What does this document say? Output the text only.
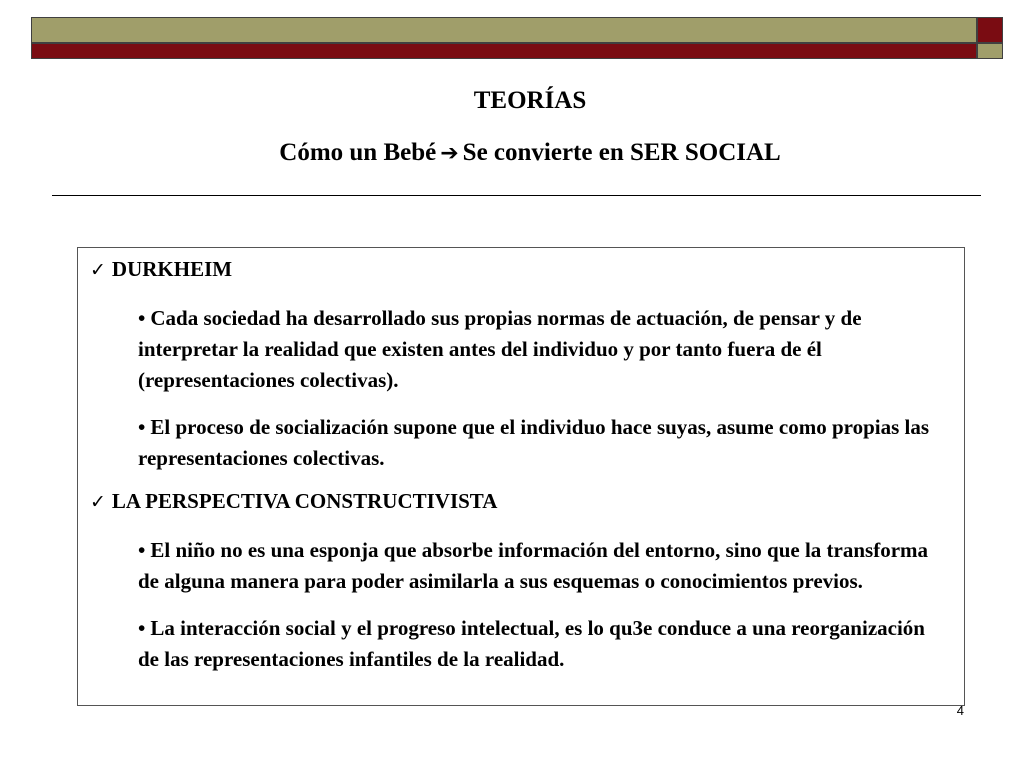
TEORÍAS
Cómo un Bebé ➔ Se convierte en SER SOCIAL
✓ DURKHEIM
• Cada sociedad ha desarrollado sus propias normas de actuación, de pensar y de interpretar la realidad que existen antes del individuo y por tanto fuera de él (representaciones colectivas).
• El proceso de socialización supone que el individuo hace suyas, asume como propias las representaciones colectivas.
✓ LA PERSPECTIVA CONSTRUCTIVISTA
• El niño no es una esponja que absorbe información del entorno, sino que la transforma de alguna manera para poder asimilarla a sus esquemas o conocimientos previos.
• La interacción social y el progreso intelectual, es lo qu3e conduce a una reorganización de las representaciones infantiles de la realidad.
4
